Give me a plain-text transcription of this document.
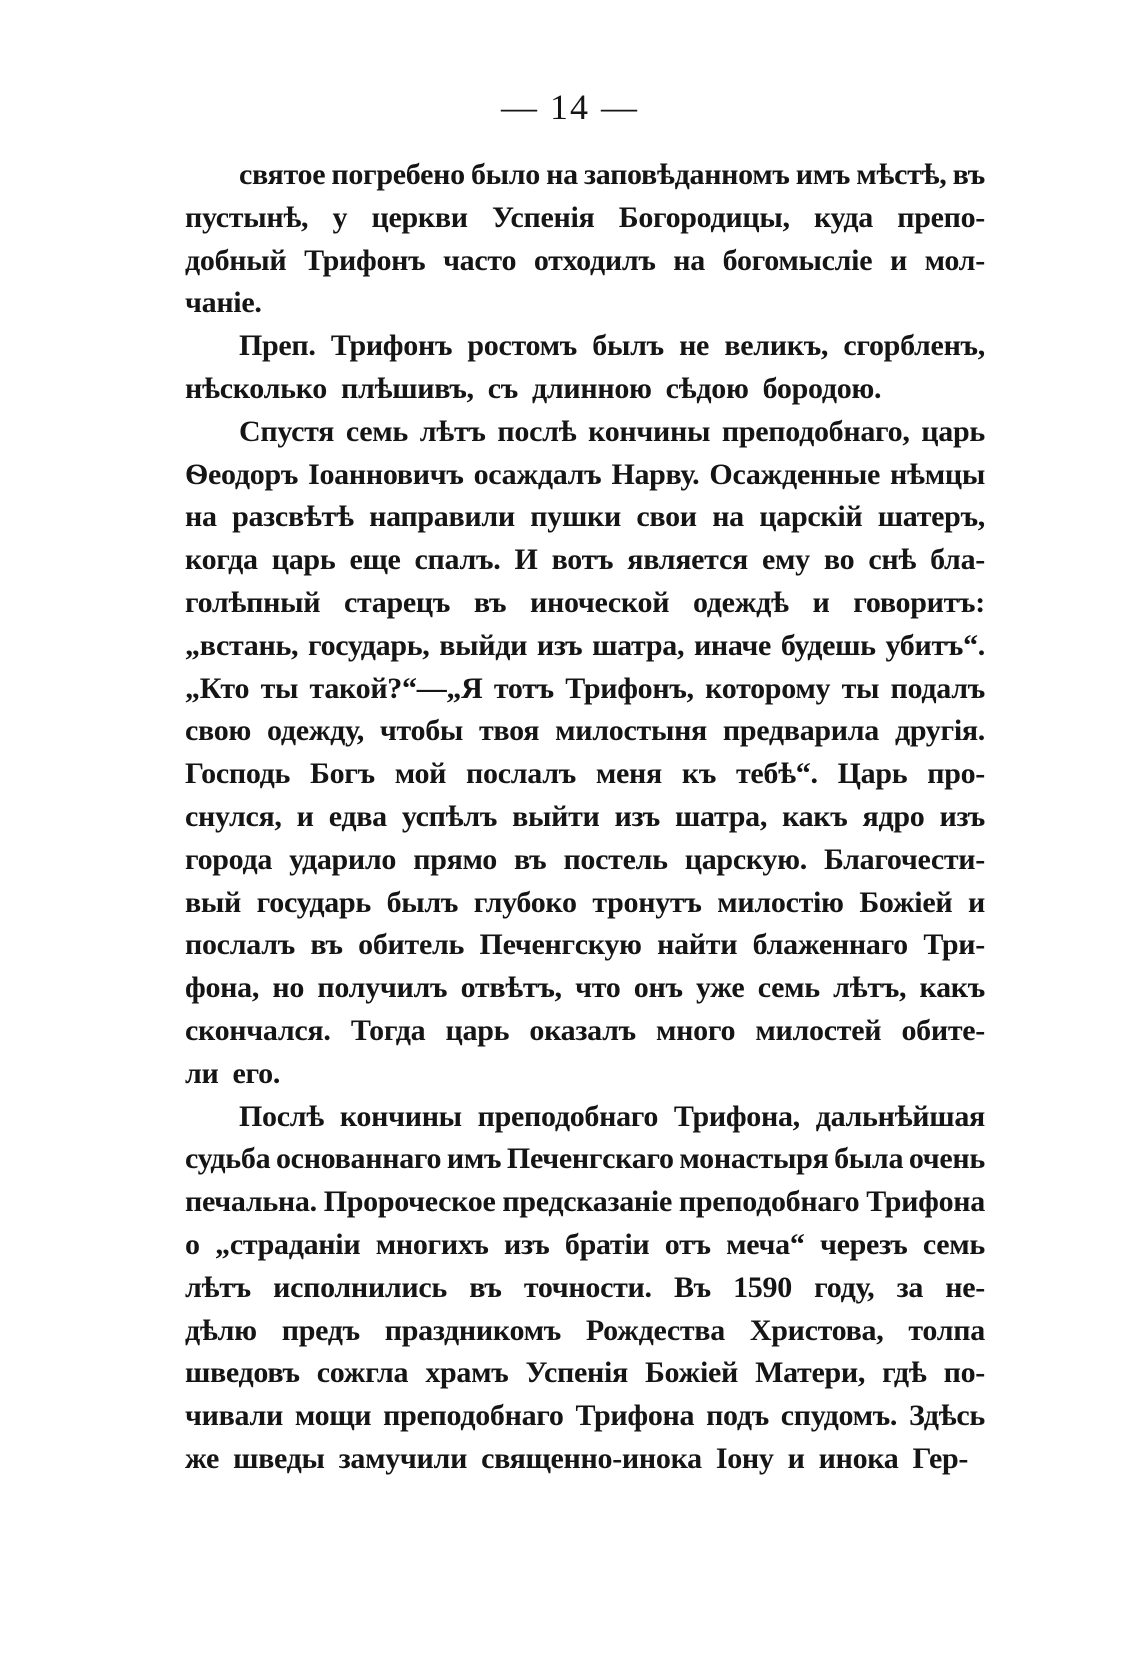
— 14 —
святое погребено было на заповѣданномъ имъ мѣстѣ, въ
пустынѣ, у церкви Успенія Богородицы, куда препо-
добный Трифонъ часто отходилъ на богомысліе и мол-
чаніе.
Преп. Трифонъ ростомъ былъ не великъ, сгорбленъ,
нѣсколько плѣшивъ, съ длинною сѣдою бородою.
Спустя семь лѣтъ послѣ кончины преподобнаго, царь
Ѳеодоръ Іоанновичъ осаждалъ Нарву. Осажденные нѣмцы
на разсвѣтѣ направили пушки свои на царскій шатеръ,
когда царь еще спалъ. И вотъ является ему во снѣ бла-
голѣпный старецъ въ иноческой одеждѣ и говоритъ:
„встань, государь, выйди изъ шатра, иначе будешь убитъ“.
„Кто ты такой?“—„Я тотъ Трифонъ, которому ты подалъ
свою одежду, чтобы твоя милостыня предварила другія.
Господь Богъ мой послалъ меня къ тебѣ“. Царь про-
снулся, и едва успѣлъ выйти изъ шатра, какъ ядро изъ
города ударило прямо въ постель царскую. Благочести-
вый государь былъ глубоко тронутъ милостію Божіей и
послалъ въ обитель Печенгскую найти блаженнаго Три-
фона, но получилъ отвѣтъ, что онъ уже семь лѣтъ, какъ
скончался. Тогда царь оказалъ много милостей обите-
ли его.
Послѣ кончины преподобнаго Трифона, дальнѣйшая
судьба основаннаго имъ Печенгскаго монастыря была очень
печальна. Пророческое предсказаніе преподобнаго Трифона
о „страданіи многихъ изъ братіи отъ меча“ черезъ семь
лѣтъ исполнились въ точности. Въ 1590 году, за не-
дѣлю предъ праздникомъ Рождества Христова, толпа
шведовъ сожгла храмъ Успенія Божіей Матери, гдѣ по-
чивали мощи преподобнаго Трифона подъ спудомъ. Здѣсь
же шведы замучили священно-инока Іону и инока Гер-
